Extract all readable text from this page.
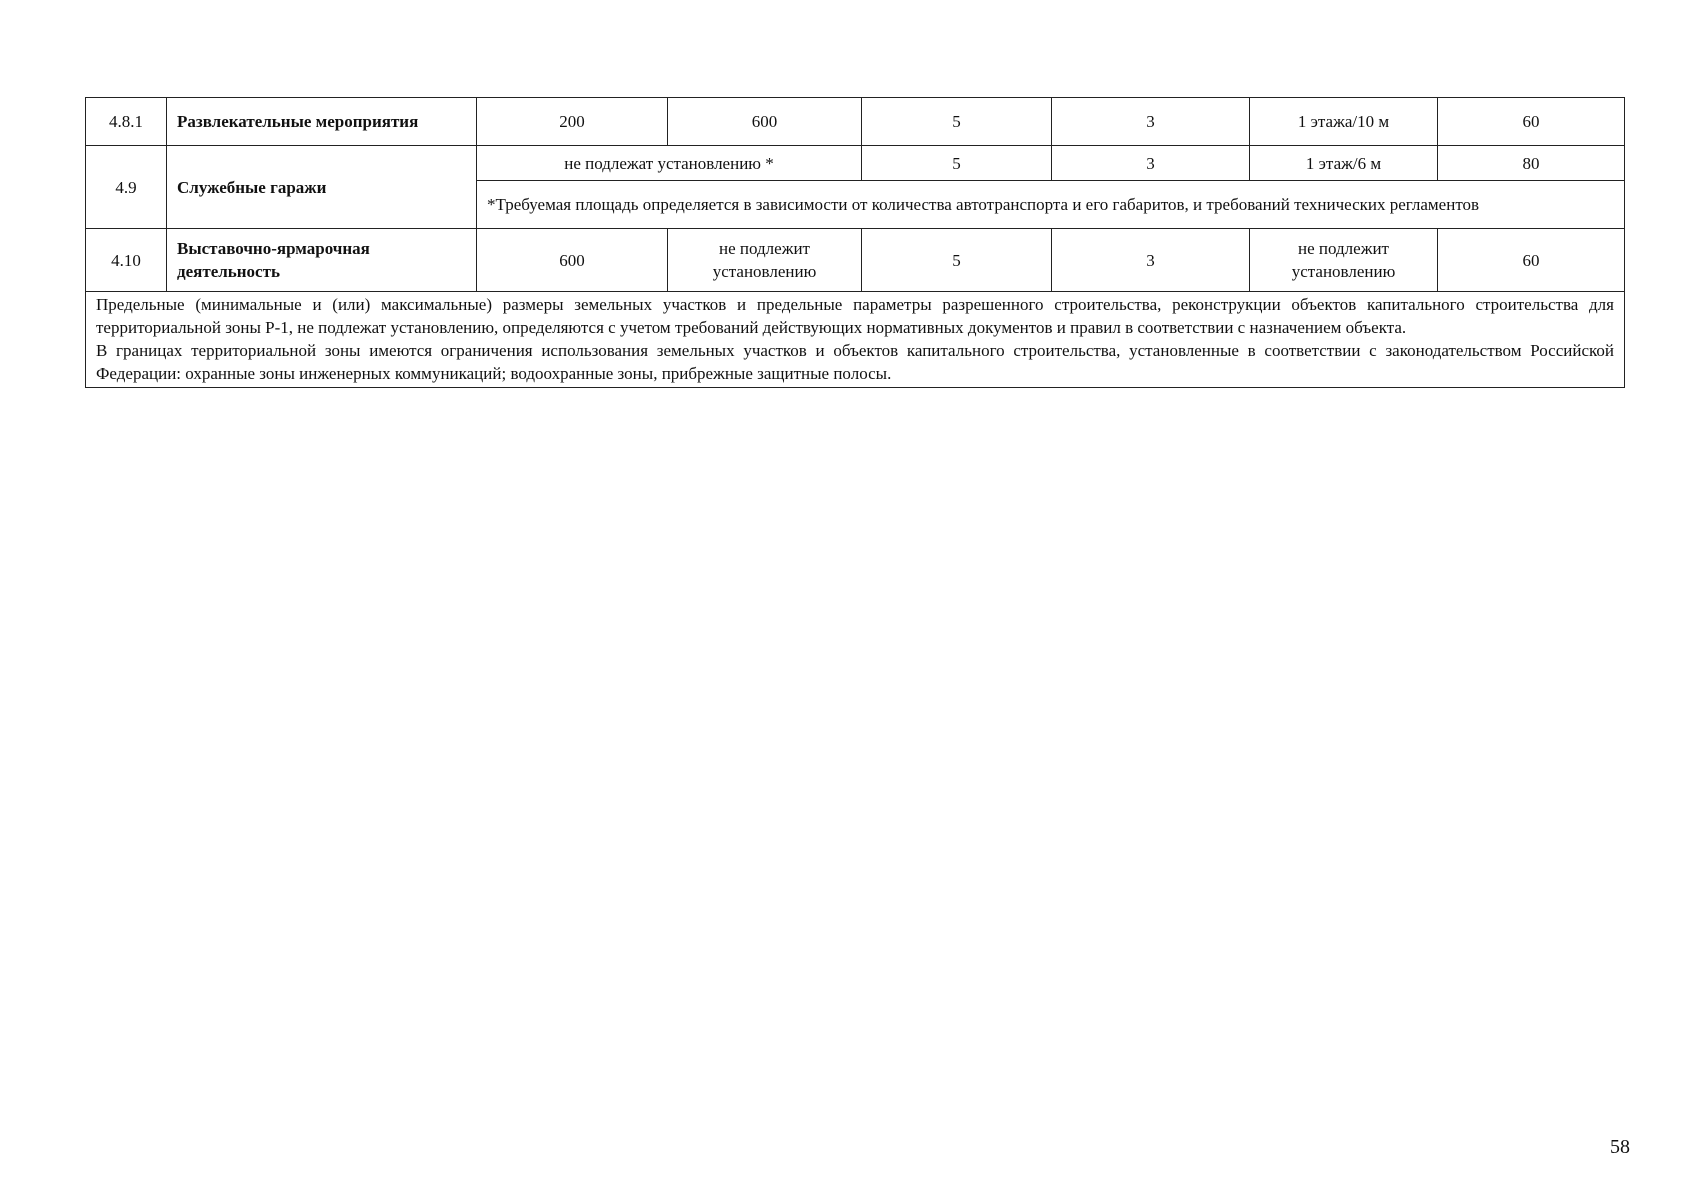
4.8.1	Развлекательные мероприятия	200	600	5	3	1 этажа/10 м	60
4.9	Служебные гаражи	не подлежат установлению *		5	3	1 этаж/6 м	80
		*Требуемая площадь определяется в зависимости от количества автотранспорта и его габаритов, и требований технических регламентов					
4.10	Выставочно-ярмарочная деятельность	600	не подлежит установлению	5	3	не подлежит установлению	60

Предельные (минимальные и (или) максимальные) размеры земельных участков и предельные параметры разрешенного строительства, реконструкции объектов капитального строительства для территориальной зоны Р-1, не подлежат установлению, определяются с учетом требований действующих нормативных документов и правил в соответствии с назначением объекта.

В границах территориальной зоны имеются ограничения использования земельных участков и объектов капитального строительства, установленные в соответствии с законодательством Российской Федерации: охранные зоны инженерных коммуникаций; водоохранные зоны, прибрежные защитные полосы.							

58
